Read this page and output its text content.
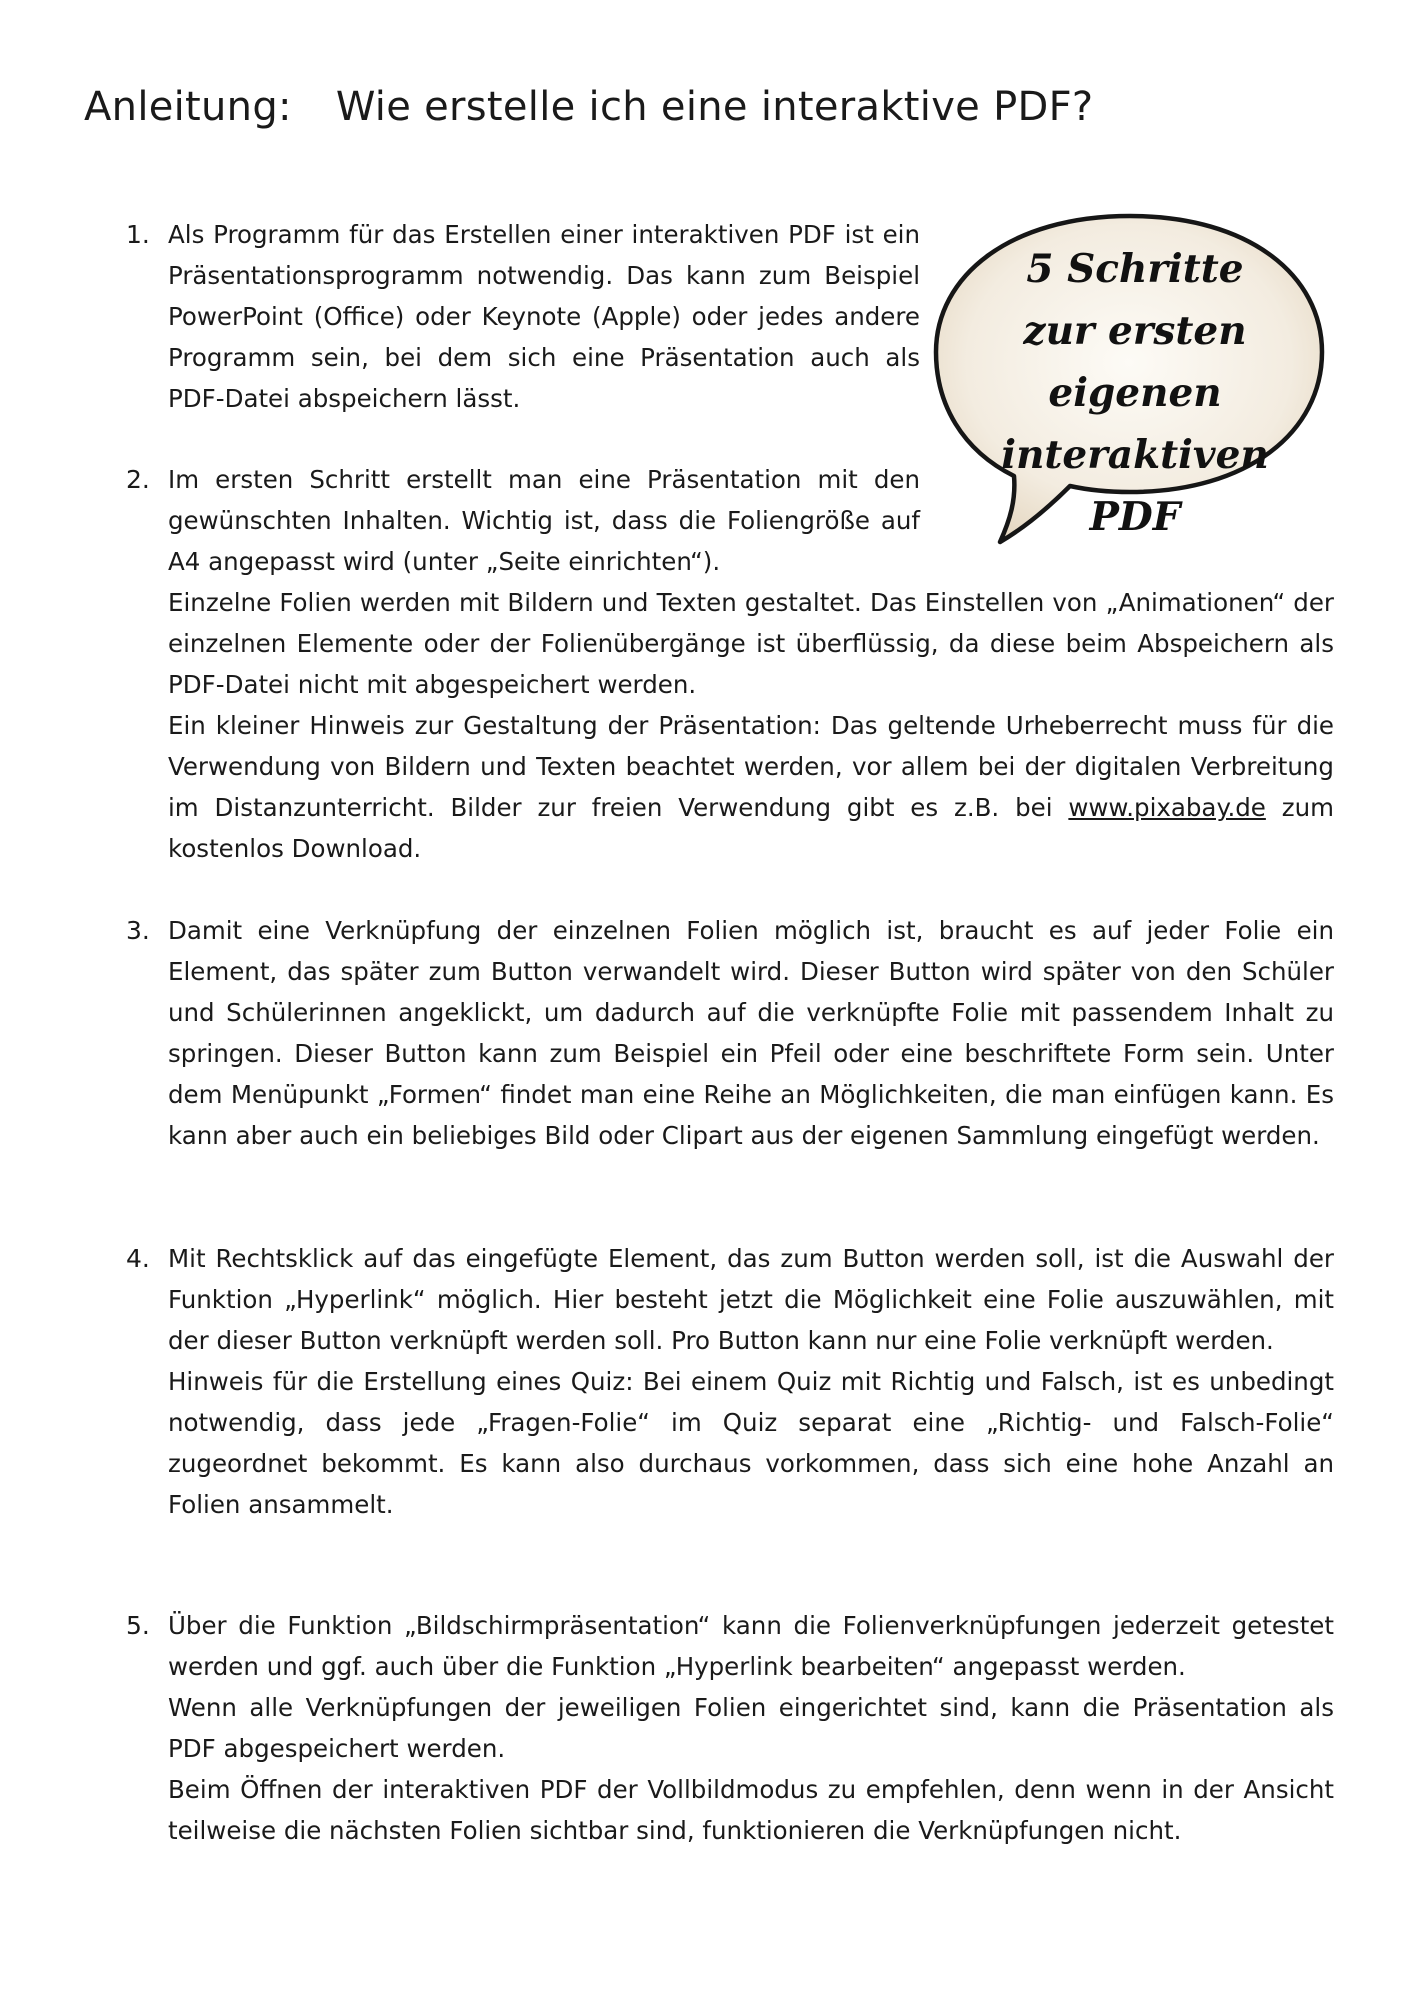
Anleitung: Wie erstelle ich eine interaktive PDF?
5 Schritte zur ersten eigenen interaktiven PDF
1. Als Programm für das Erstellen einer interaktiven PDF ist ein Präsentationsprogramm notwendig. Das kann zum Beispiel PowerPoint (Office) oder Keynote (Apple) oder jedes andere Programm sein, bei dem sich eine Präsentation auch als PDF-Datei abspeichern lässt.

2. Im ersten Schritt erstellt man eine Präsentation mit den gewünschten Inhalten. Wichtig ist, dass die Foliengröße auf A4 angepasst wird (unter „Seite einrichten“).

Einzelne Folien werden mit Bildern und Texten gestaltet. Das Einstellen von „Animationen“ der einzelnen Elemente oder der Folienübergänge ist überflüssig, da diese beim Abspeichern als PDF-Datei nicht mit abgespeichert werden.

Ein kleiner Hinweis zur Gestaltung der Präsentation: Das geltende Urheberrecht muss für die Verwendung von Bildern und Texten beachtet werden, vor allem bei der digitalen Verbreitung im Distanzunterricht. Bilder zur freien Verwendung gibt es z.B. bei www.pixabay.de zum kostenlos Download.

3. Damit eine Verknüpfung der einzelnen Folien möglich ist, braucht es auf jeder Folie ein Element, das später zum Button verwandelt wird. Dieser Button wird später von den Schüler und Schülerinnen angeklickt, um dadurch auf die verknüpfte Folie mit passendem Inhalt zu springen. Dieser Button kann zum Beispiel ein Pfeil oder eine beschriftete Form sein. Unter dem Menüpunkt „Formen“ findet man eine Reihe an Möglichkeiten, die man einfügen kann. Es kann aber auch ein beliebiges Bild oder Clipart aus der eigenen Sammlung eingefügt werden.

4. Mit Rechtsklick auf das eingefügte Element, das zum Button werden soll, ist die Auswahl der Funktion „Hyperlink“ möglich. Hier besteht jetzt die Möglichkeit eine Folie auszuwählen, mit der dieser Button verknüpft werden soll. Pro Button kann nur eine Folie verknüpft werden.

Hinweis für die Erstellung eines Quiz: Bei einem Quiz mit Richtig und Falsch, ist es unbedingt notwendig, dass jede „Fragen-Folie“ im Quiz separat eine „Richtig- und Falsch-Folie“ zugeordnet bekommt. Es kann also durchaus vorkommen, dass sich eine hohe Anzahl an Folien ansammelt.

5. Über die Funktion „Bildschirmpräsentation“ kann die Folienverknüpfungen jederzeit getestet werden und ggf. auch über die Funktion „Hyperlink bearbeiten“ angepasst werden.

Wenn alle Verknüpfungen der jeweiligen Folien eingerichtet sind, kann die Präsentation als PDF abgespeichert werden.

Beim Öffnen der interaktiven PDF der Vollbildmodus zu empfehlen, denn wenn in der Ansicht teilweise die nächsten Folien sichtbar sind, funktionieren die Verknüpfungen nicht.
